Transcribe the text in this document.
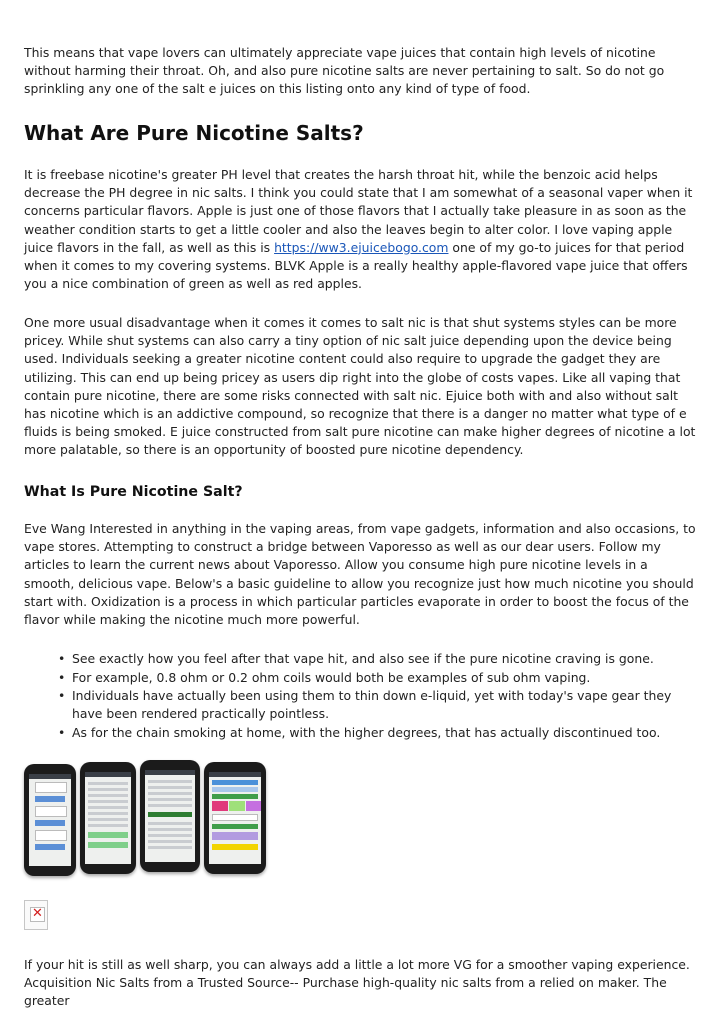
This means that vape lovers can ultimately appreciate vape juices that contain high levels of nicotine without harming their throat. Oh, and also pure nicotine salts are never pertaining to salt. So do not go sprinkling any one of the salt e juices on this listing onto any kind of type of food.

What Are Pure Nicotine Salts?

It is freebase nicotine's greater PH level that creates the harsh throat hit, while the benzoic acid helps decrease the PH degree in nic salts. I think you could state that I am somewhat of a seasonal vaper when it concerns particular flavors. Apple is just one of those flavors that I actually take pleasure in as soon as the weather condition starts to get a little cooler and also the leaves begin to alter color. I love vaping apple juice flavors in the fall, as well as this is https://ww3.ejuicebogo.com one of my go-to juices for that period when it comes to my covering systems. BLVK Apple is a really healthy apple-flavored vape juice that offers you a nice combination of green as well as red apples.

One more usual disadvantage when it comes it comes to salt nic is that shut systems styles can be more pricey. While shut systems can also carry a tiny option of nic salt juice depending upon the device being used. Individuals seeking a greater nicotine content could also require to upgrade the gadget they are utilizing. This can end up being pricey as users dip right into the globe of costs vapes. Like all vaping that contain pure nicotine, there are some risks connected with salt nic. Ejuice both with and also without salt has nicotine which is an addictive compound, so recognize that there is a danger no matter what type of e fluids is being smoked. E juice constructed from salt pure nicotine can make higher degrees of nicotine a lot more palatable, so there is an opportunity of boosted pure nicotine dependency.

What Is Pure Nicotine Salt?

Eve Wang Interested in anything in the vaping areas, from vape gadgets, information and also occasions, to vape stores. Attempting to construct a bridge between Vaporesso as well as our dear users. Follow my articles to learn the current news about Vaporesso. Allow you consume high pure nicotine levels in a smooth, delicious vape. Below's a basic guideline to allow you recognize just how much nicotine you should start with. Oxidization is a process in which particular particles evaporate in order to boost the focus of the flavor while making the nicotine much more powerful.

• See exactly how you feel after that vape hit, and also see if the pure nicotine craving is gone.
• For example, 0.8 ohm or 0.2 ohm coils would both be examples of sub ohm vaping.
• Individuals have actually been using them to thin down e-liquid, yet with today's vape gear they have been rendered practically pointless.
• As for the chain smoking at home, with the higher degrees, that has actually discontinued too.

If your hit is still as well sharp, you can always add a little a lot more VG for a smoother vaping experience. Acquisition Nic Salts from a Trusted Source-- Purchase high-quality nic salts from a relied on maker. The greater

✕
